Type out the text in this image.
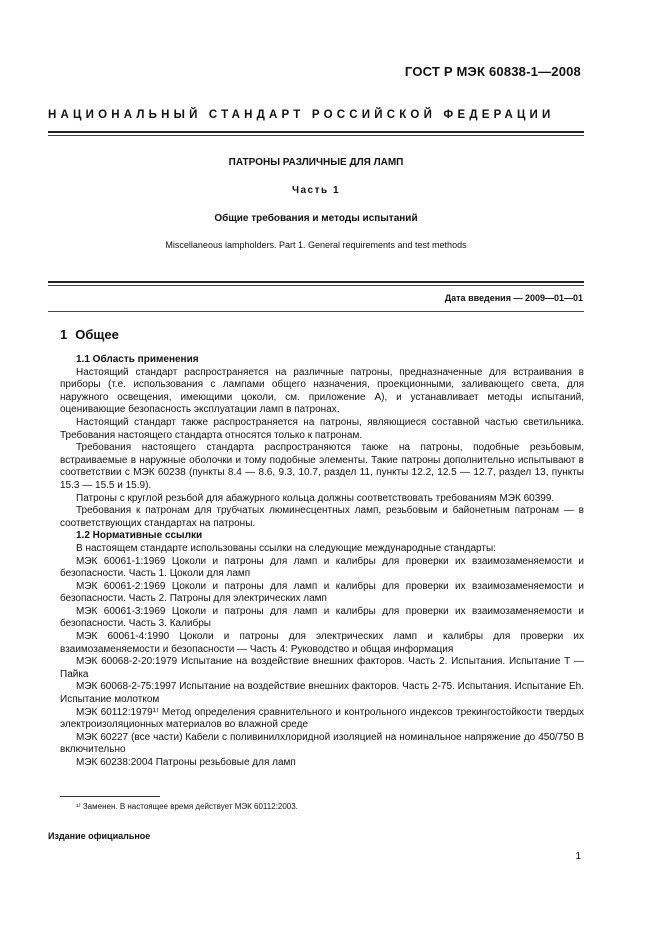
ГОСТ Р МЭК 60838-1—2008
НАЦИОНАЛЬНЫЙ СТАНДАРТ РОССИЙСКОЙ ФЕДЕРАЦИИ
ПАТРОНЫ РАЗЛИЧНЫЕ ДЛЯ ЛАМП
Часть 1
Общие требования и методы испытаний
Miscellaneous lampholders. Part 1. General requirements and test methods
Дата введения — 2009—01—01
1 Общее

1.1 Область применения

Настоящий стандарт распространяется на различные патроны, предназначенные для встраивания в приборы (т.е. использования с лампами общего назначения, проекционными, заливающего света, для наружного освещения, имеющими цоколи, см. приложение А), и устанавливает методы испытаний, оценивающие безопасность эксплуатации ламп в патронах.

Настоящий стандарт также распространяется на патроны, являющиеся составной частью светильника. Требования настоящего стандарта относятся только к патронам.

Требования настоящего стандарта распространяются также на патроны, подобные резьбовым, встраиваемые в наружные оболочки и тому подобные элементы. Такие патроны дополнительно испытывают в соответствии с МЭК 60238 (пункты 8.4 — 8.6, 9.3, 10.7, раздел 11, пункты 12.2, 12.5 — 12.7, раздел 13, пункты 15.3 — 15.5 и 15.9).

Патроны с круглой резьбой для абажурного кольца должны соответствовать требованиям МЭК 60399.

Требования к патронам для трубчатых люминесцентных ламп, резьбовым и байонетным патронам — в соответствующих стандартах на патроны.

1.2 Нормативные ссылки

В настоящем стандарте использованы ссылки на следующие международные стандарты:

МЭК 60061-1:1969 Цоколи и патроны для ламп и калибры для проверки их взаимозаменяемости и безопасности. Часть 1. Цоколи для ламп

МЭК 60061-2:1969 Цоколи и патроны для ламп и калибры для проверки их взаимозаменяемости и безопасности. Часть 2. Патроны для электрических ламп

МЭК 60061-3:1969 Цоколи и патроны для ламп и калибры для проверки их взаимозаменяемости и безопасности. Часть 3. Калибры

МЭК 60061-4:1990 Цоколи и патроны для электрических ламп и калибры для проверки их взаимозаменяемости и безопасности — Часть 4: Руководство и общая информация

МЭК 60068-2-20:1979 Испытание на воздействие внешних факторов. Часть 2. Испытания. Испытание Т — Пайка

МЭК 60068-2-75:1997 Испытание на воздействие внешних факторов. Часть 2-75. Испытания. Испытание Eh. Испытание молотком

МЭК 60112:1979¹⁾ Метод определения сравнительного и контрольного индексов трекингостойкости твердых электроизоляционных материалов во влажной среде

МЭК 60227 (все части) Кабели с поливинилхлоридной изоляцией на номинальное напряжение до 450/750 В включительно

МЭК 60238:2004 Патроны резьбовые для ламп

¹⁾ Заменен. В настоящее время действует МЭК 60112:2003.
Издание официальное
1
